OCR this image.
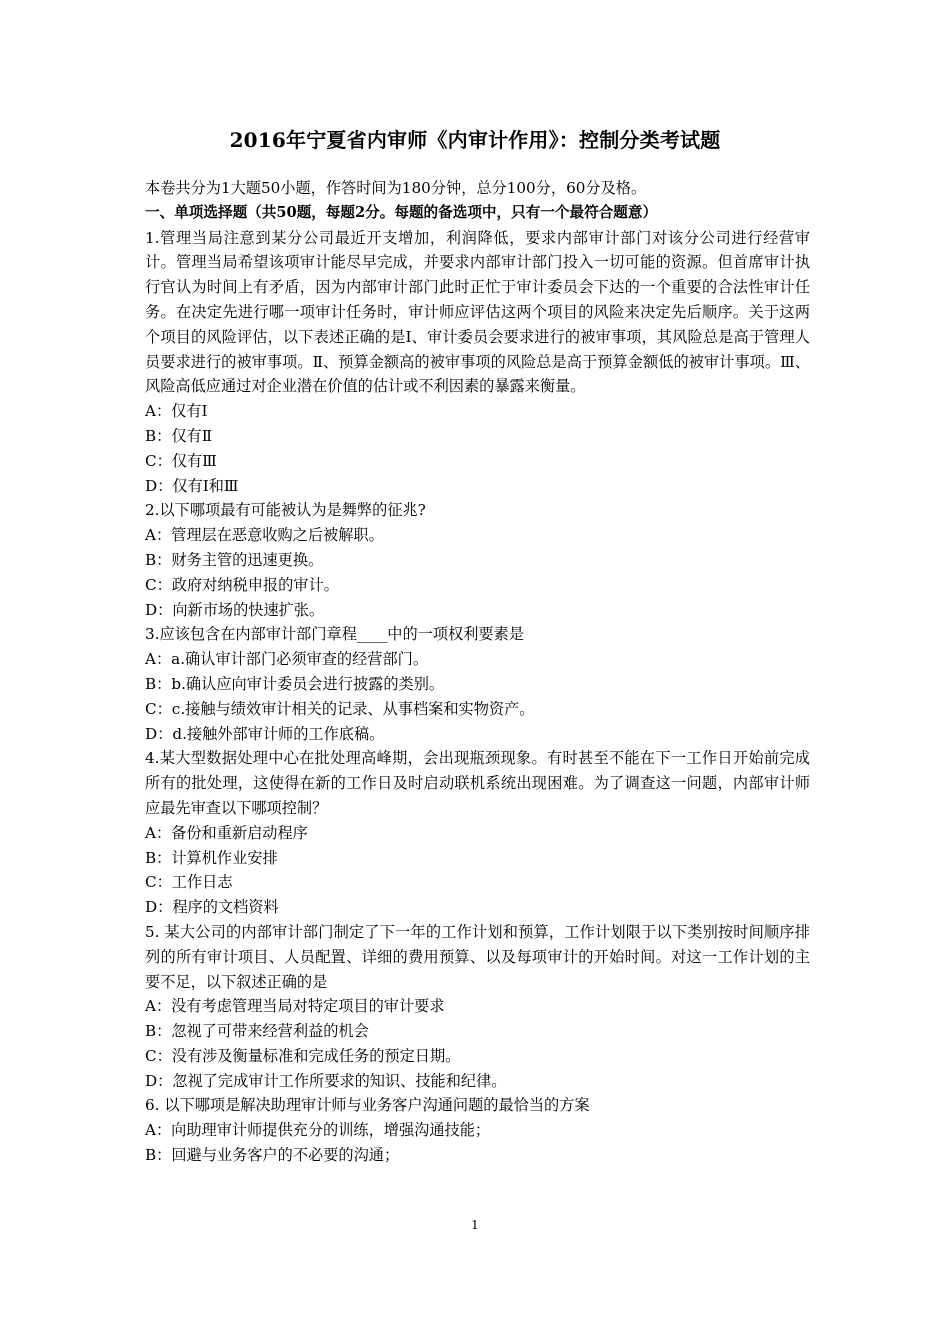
2016年宁夏省内审师《内审计作用》：控制分类考试题

本卷共分为1大题50小题，作答时间为180分钟，总分100分，60分及格。

一、单项选择题（共50题，每题2分。每题的备选项中，只有一个最符合题意）

1.管理当局注意到某分公司最近开支增加，利润降低，要求内部审计部门对该分公司进行经营审计。管理当局希望该项审计能尽早完成，并要求内部审计部门投入一切可能的资源。但首席审计执行官认为时间上有矛盾，因为内部审计部门此时正忙于审计委员会下达的一个重要的合法性审计任务。在决定先进行哪一项审计任务时，审计师应评估这两个项目的风险来决定先后顺序。关于这两个项目的风险评估，以下表述正确的是Ⅰ、审计委员会要求进行的被审事项，其风险总是高于管理人员要求进行的被审事项。Ⅱ、预算金额高的被审事项的风险总是高于预算金额低的被审计事项。Ⅲ、风险高低应通过对企业潜在价值的估计或不利因素的暴露来衡量。

A：仅有Ⅰ

B：仅有Ⅱ

C：仅有Ⅲ

D：仅有Ⅰ和Ⅲ

2.以下哪项最有可能被认为是舞弊的征兆?

A：管理层在恶意收购之后被解职。

B：财务主管的迅速更换。

C：政府对纳税申报的审计。

D：向新市场的快速扩张。

3.应该包含在内部审计部门章程____中的一项权利要素是

A：a.确认审计部门必须审查的经营部门。

B：b.确认应向审计委员会进行披露的类别。

C：c.接触与绩效审计相关的记录、从事档案和实物资产。

D：d.接触外部审计师的工作底稿。

4.某大型数据处理中心在批处理高峰期，会出现瓶颈现象。有时甚至不能在下一工作日开始前完成所有的批处理，这使得在新的工作日及时启动联机系统出现困难。为了调查这一问题，内部审计师应最先审查以下哪项控制？

A：备份和重新启动程序

B：计算机作业安排

C：工作日志

D：程序的文档资料

5. 某大公司的内部审计部门制定了下一年的工作计划和预算，工作计划限于以下类别按时间顺序排列的所有审计项目、人员配置、详细的费用预算、以及每项审计的开始时间。对这一工作计划的主要不足，以下叙述正确的是

A：没有考虑管理当局对特定项目的审计要求

B：忽视了可带来经营利益的机会

C：没有涉及衡量标准和完成任务的预定日期。

D：忽视了完成审计工作所要求的知识、技能和纪律。

6. 以下哪项是解决助理审计师与业务客户沟通问题的最恰当的方案

A：向助理审计师提供充分的训练，增强沟通技能；

B：回避与业务客户的不必要的沟通；

1
